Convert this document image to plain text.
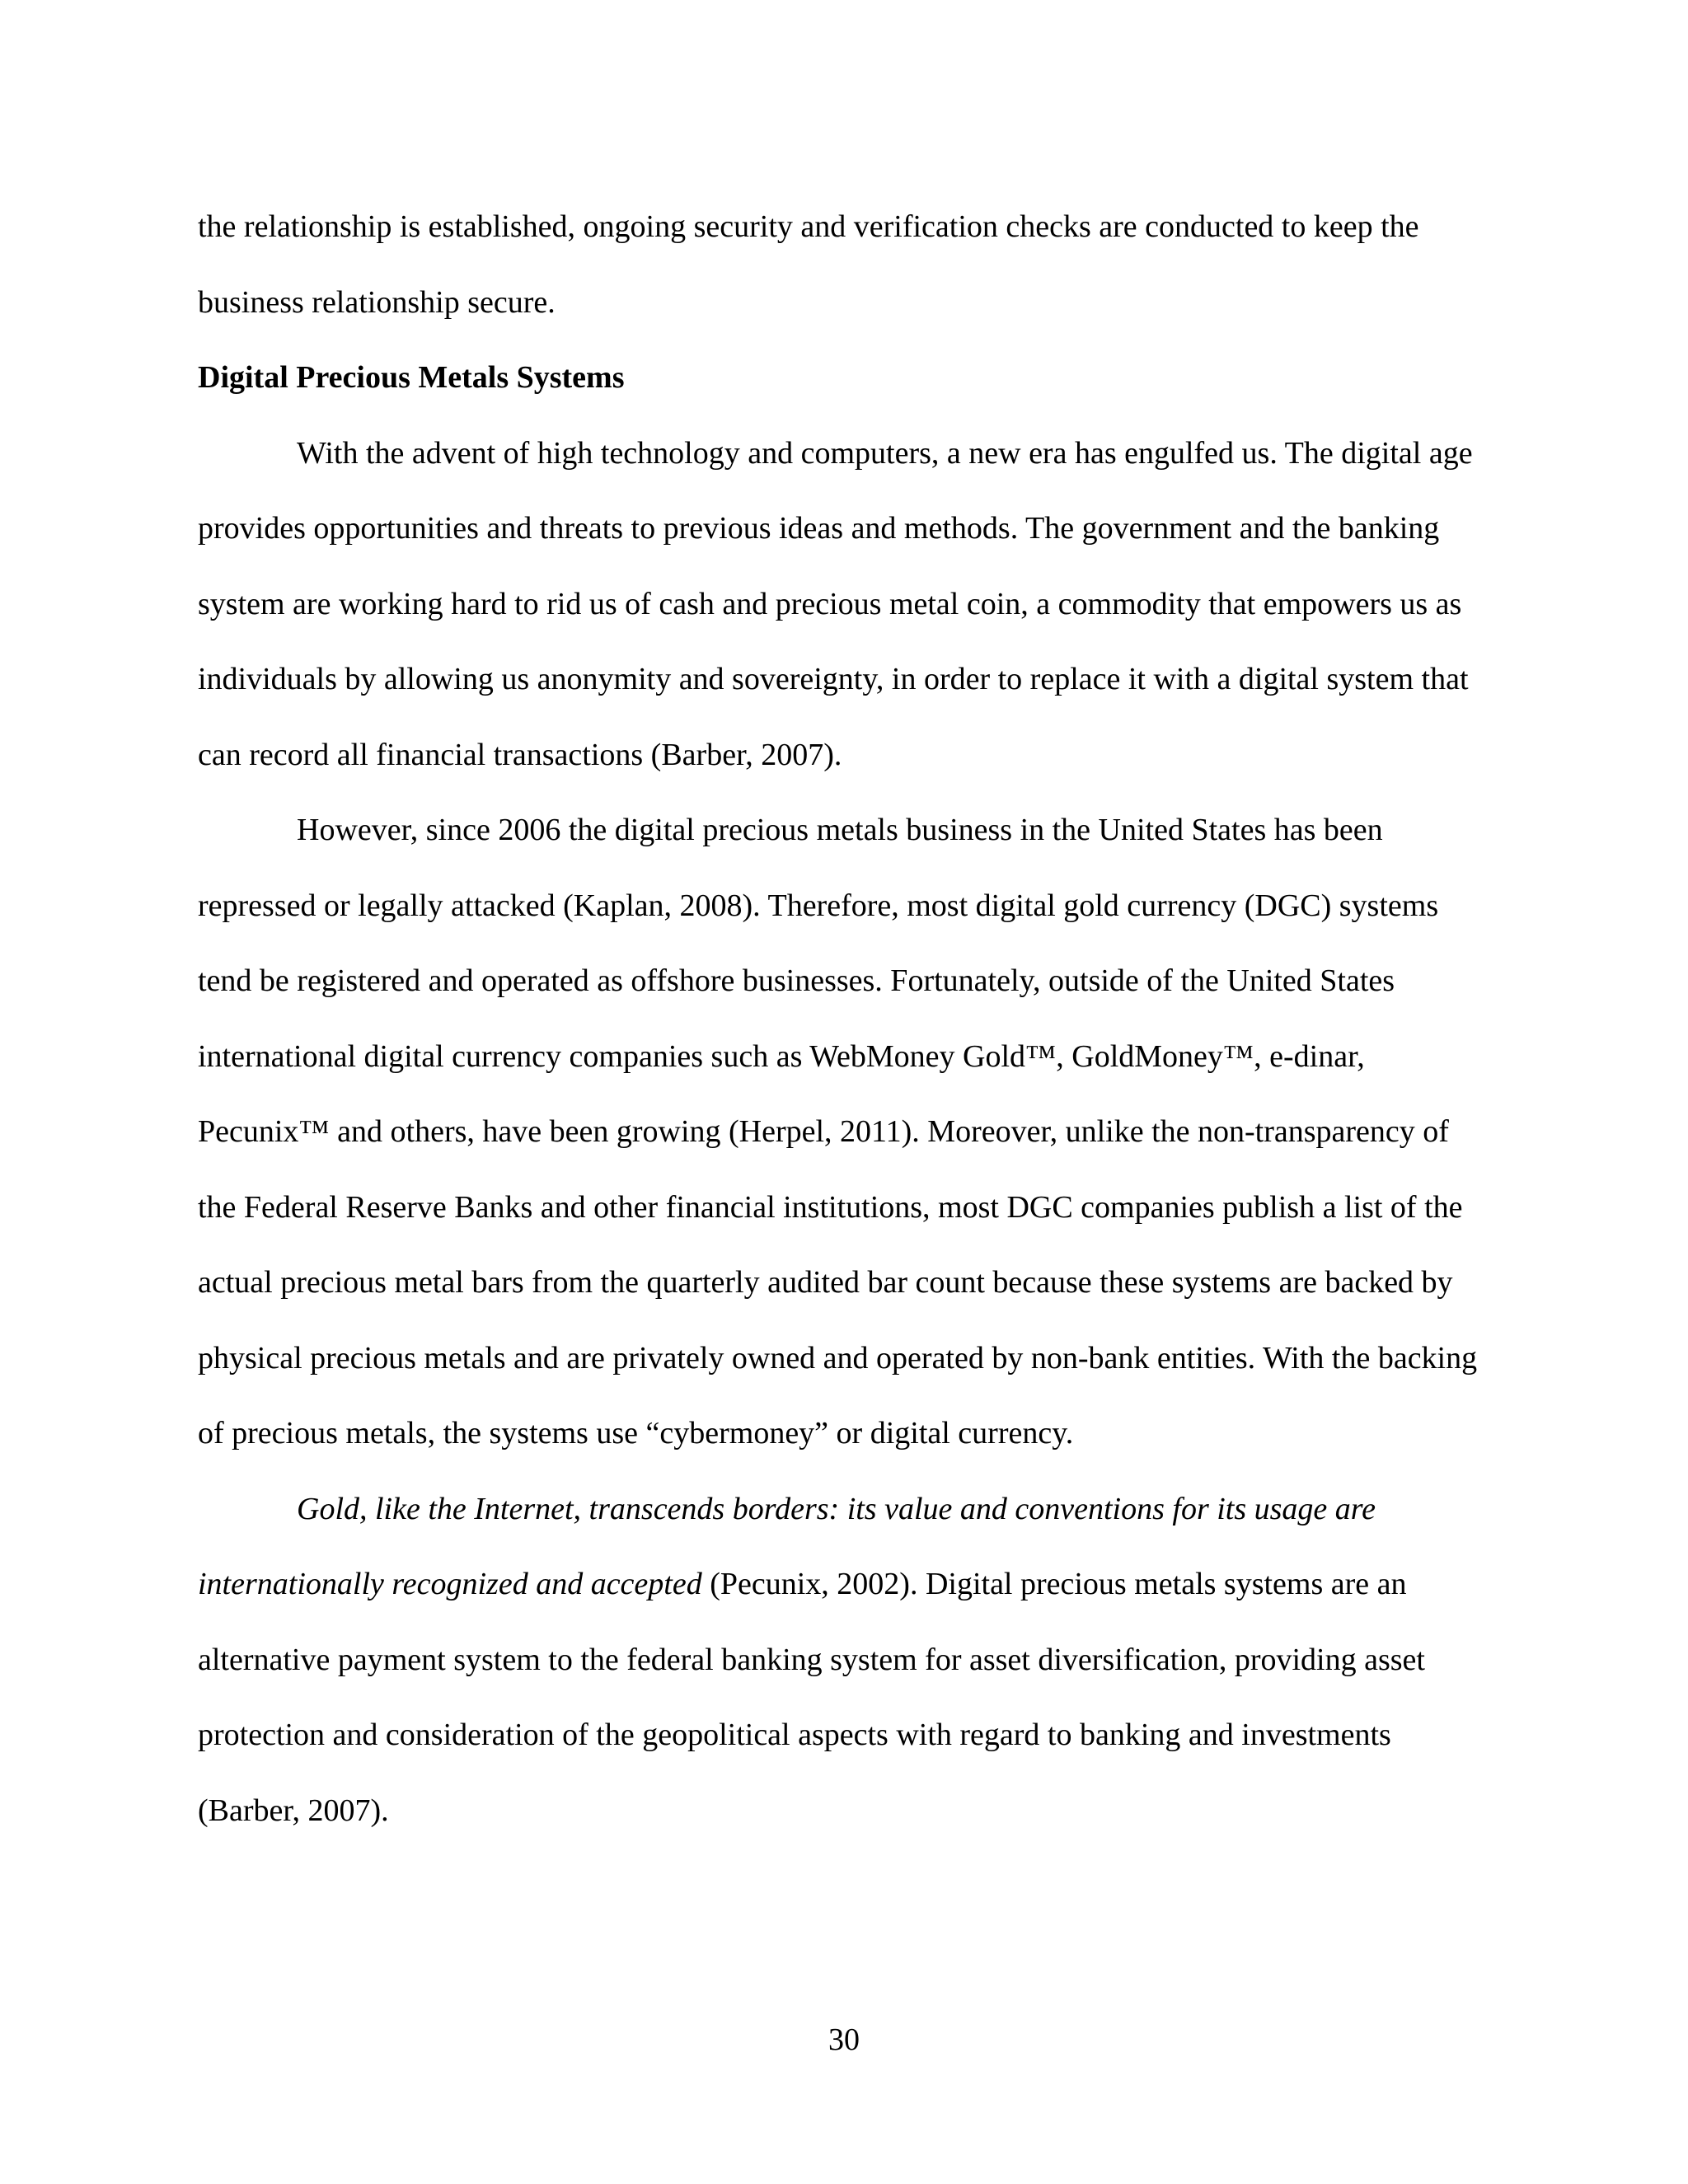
the relationship is established, ongoing security and verification checks are conducted to keep the business relationship secure.

Digital Precious Metals Systems

With the advent of high technology and computers, a new era has engulfed us. The digital age provides opportunities and threats to previous ideas and methods. The government and the banking system are working hard to rid us of cash and precious metal coin, a commodity that empowers us as individuals by allowing us anonymity and sovereignty, in order to replace it with a digital system that can record all financial transactions (Barber, 2007).

However, since 2006 the digital precious metals business in the United States has been repressed or legally attacked (Kaplan, 2008). Therefore, most digital gold currency (DGC) systems tend be registered and operated as offshore businesses. Fortunately, outside of the United States international digital currency companies such as WebMoney Gold™, GoldMoney™, e-dinar, Pecunix™ and others, have been growing (Herpel, 2011). Moreover, unlike the non-transparency of the Federal Reserve Banks and other financial institutions, most DGC companies publish a list of the actual precious metal bars from the quarterly audited bar count because these systems are backed by physical precious metals and are privately owned and operated by non-bank entities. With the backing of precious metals, the systems use “cybermoney” or digital currency.

Gold, like the Internet, transcends borders: its value and conventions for its usage are internationally recognized and accepted (Pecunix, 2002). Digital precious metals systems are an alternative payment system to the federal banking system for asset diversification, providing asset protection and consideration of the geopolitical aspects with regard to banking and investments (Barber, 2007).

30
